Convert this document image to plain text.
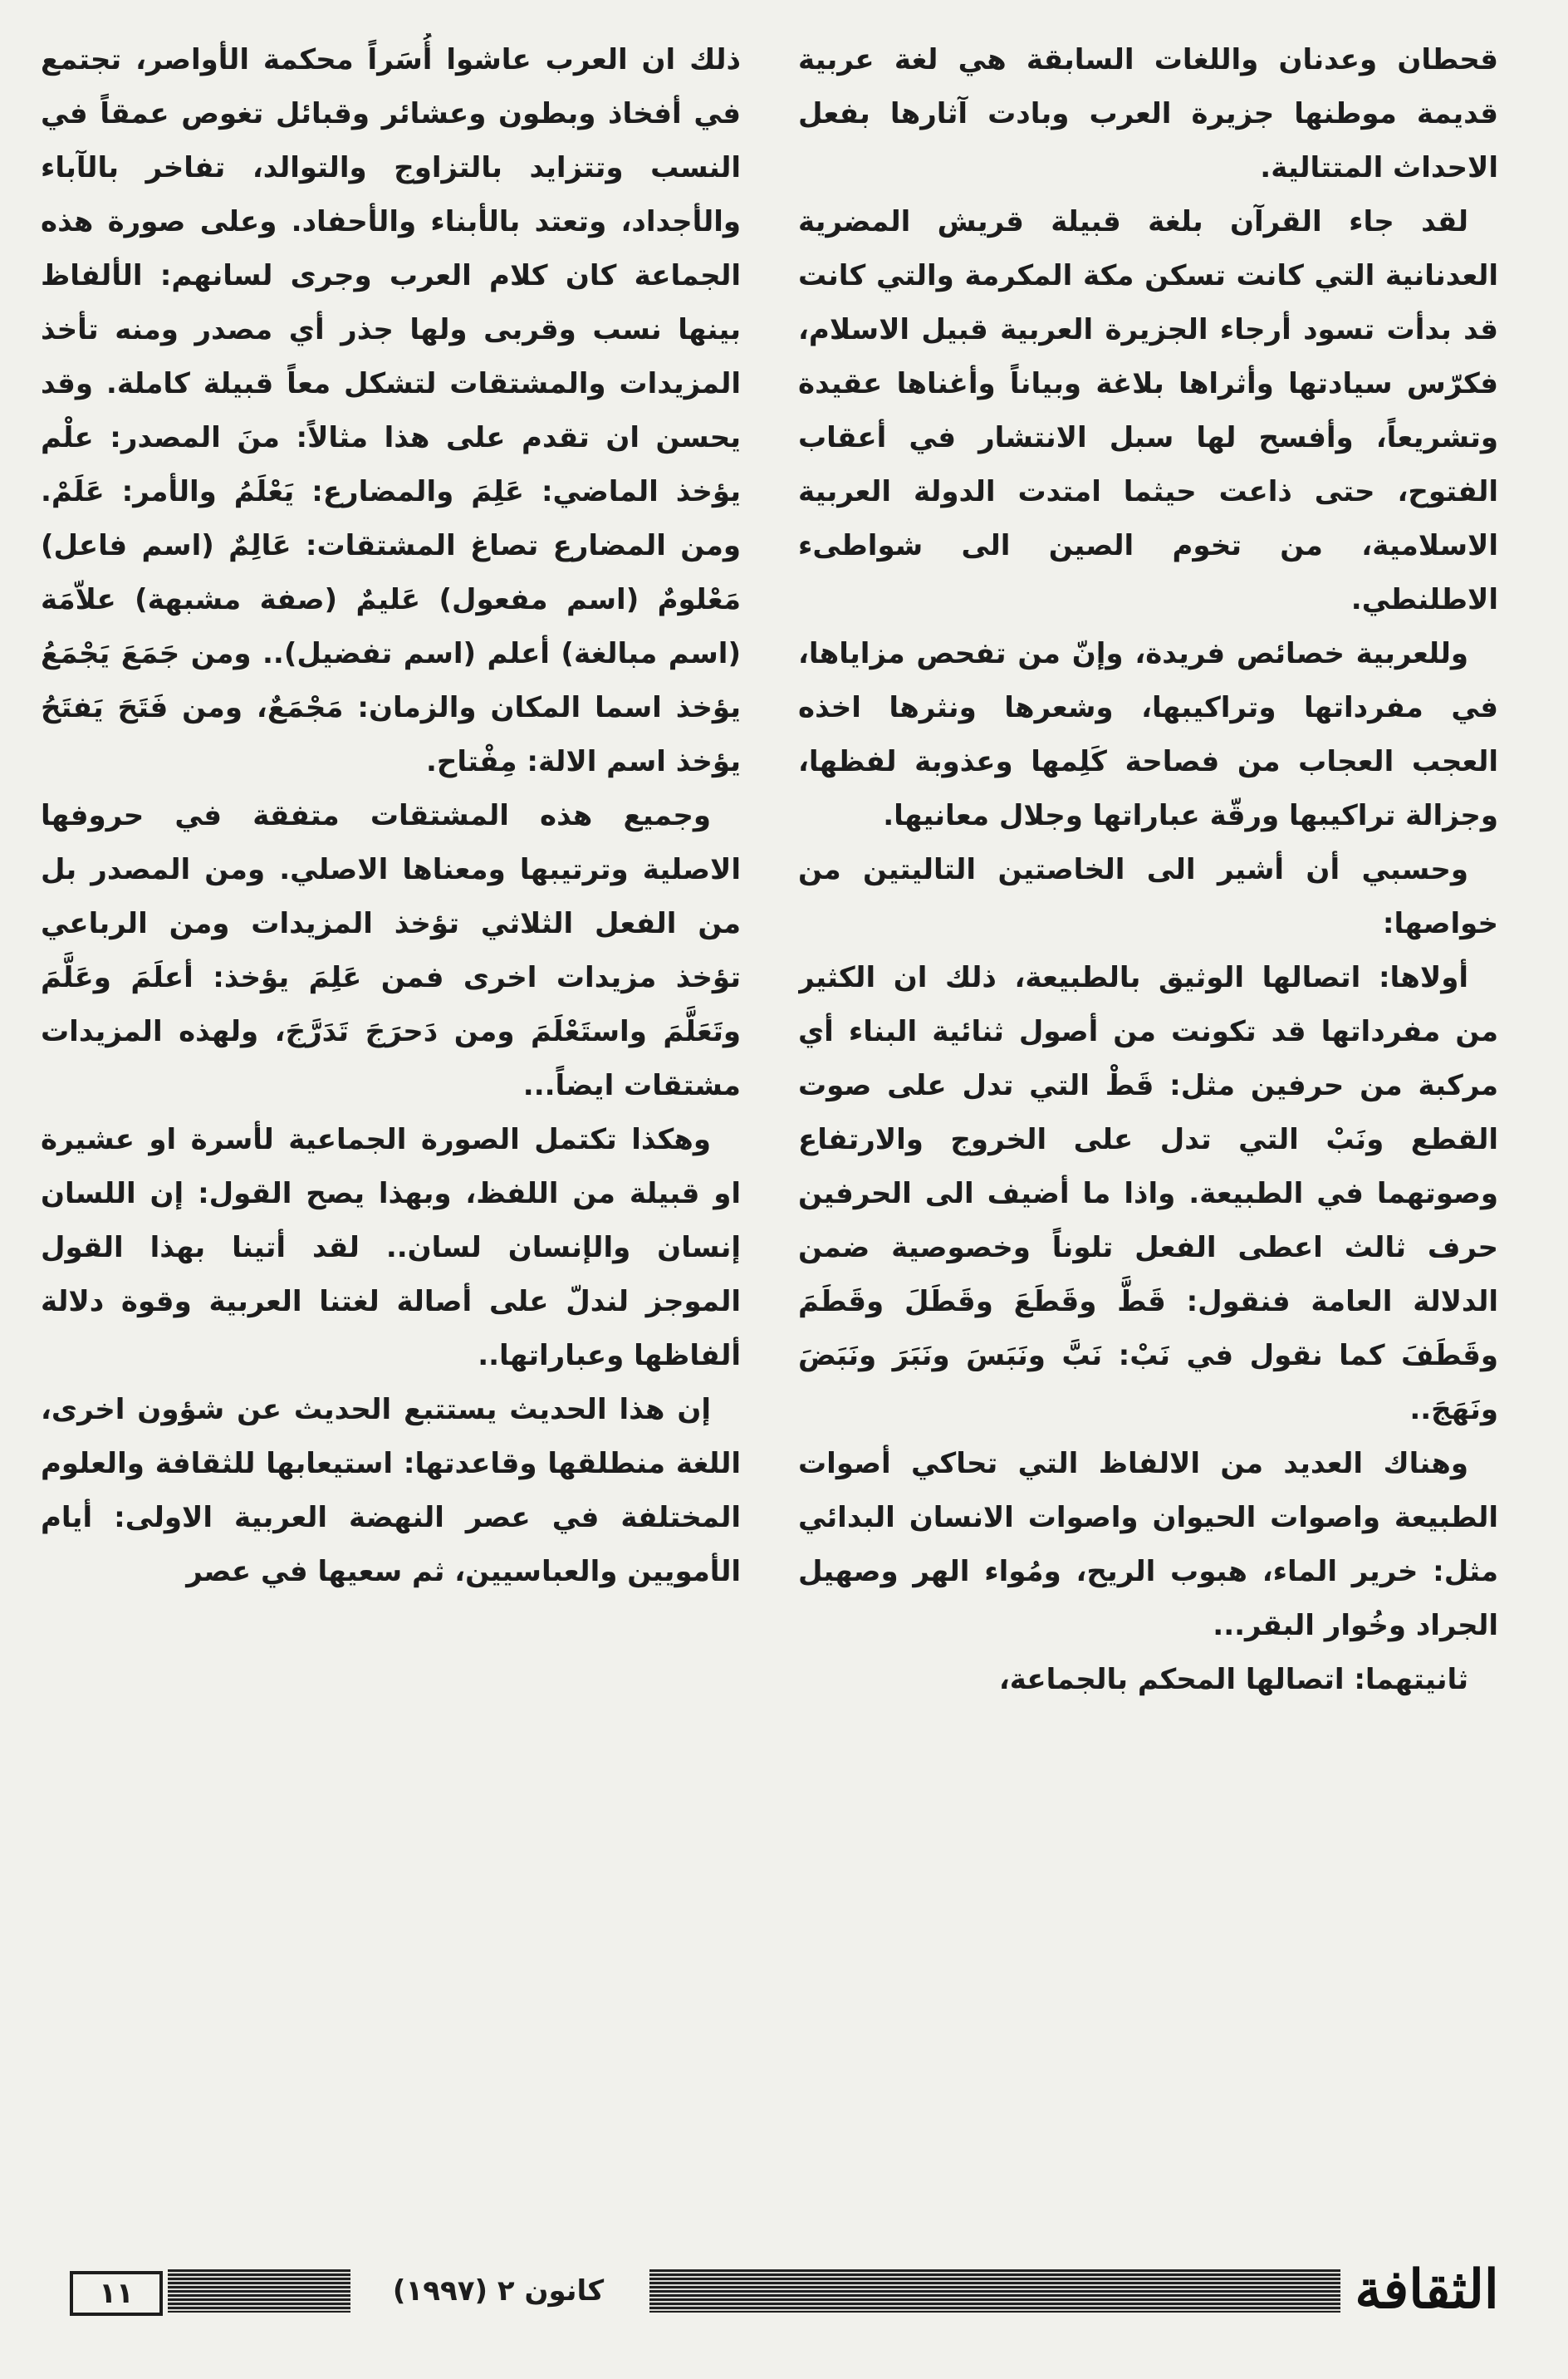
قحطان وعدنان واللغات السابقة هي لغة عربية قديمة موطنها جزيرة العرب وبادت آثارها بفعل الاحداث المتتالية.

لقد جاء القرآن بلغة قبيلة قريش المضرية العدنانية التي كانت تسكن مكة المكرمة والتي كانت قد بدأت تسود أرجاء الجزيرة العربية قبيل الاسلام، فكرّس سيادتها وأثراها بلاغة وبياناً وأغناها عقيدة وتشريعاً، وأفسح لها سبل الانتشار في أعقاب الفتوح، حتى ذاعت حيثما امتدت الدولة العربية الاسلامية، من تخوم الصين الى شواطىء الاطلنطي.

وللعربية خصائص فريدة، وإنّ من تفحص مزاياها، في مفرداتها وتراكيبها، وشعرها ونثرها اخذه العجب العجاب من فصاحة كَلِمها وعذوبة لفظها، وجزالة تراكيبها ورقّة عباراتها وجلال معانيها.

وحسبي أن أشير الى الخاصتين التاليتين من خواصها:

أولاها: اتصالها الوثيق بالطبيعة، ذلك ان الكثير من مفرداتها قد تكونت من أصول ثنائية البناء أي مركبة من حرفين مثل: قَطْ التي تدل على صوت القطع ونَبْ التي تدل على الخروج والارتفاع وصوتهما في الطبيعة. واذا ما أضيف الى الحرفين حرف ثالث اعطى الفعل تلوناً وخصوصية ضمن الدلالة العامة فنقول: قَطَّ وقَطَعَ وقَطَلَ وقَطَمَ وقَطَفَ كما نقول في نَبْ: نَبَّ ونَبَسَ ونَبَرَ ونَبَضَ ونَهَجَ..

وهناك العديد من الالفاظ التي تحاكي أصوات الطبيعة واصوات الحيوان واصوات الانسان البدائي مثل: خرير الماء، هبوب الريح، ومُواء الهر وصهيل الجراد وخُوار البقر...

ثانيتهما: اتصالها المحكم بالجماعة،

ذلك ان العرب عاشوا أُسَراً محكمة الأواصر، تجتمع في أفخاذ وبطون وعشائر وقبائل تغوص عمقاً في النسب وتتزايد بالتزاوج والتوالد، تفاخر بالآباء والأجداد، وتعتد بالأبناء والأحفاد. وعلى صورة هذه الجماعة كان كلام العرب وجرى لسانهم: الألفاظ بينها نسب وقربى ولها جذر أي مصدر ومنه تأخذ المزيدات والمشتقات لتشكل معاً قبيلة كاملة. وقد يحسن ان تقدم على هذا مثالاً: منَ المصدر: علْم يؤخذ الماضي: عَلِمَ والمضارع: يَعْلَمُ والأمر: عَلَمْ. ومن المضارع تصاغ المشتقات: عَالِمٌ (اسم فاعل) مَعْلومٌ (اسم مفعول) عَليمٌ (صفة مشبهة) علاّمَة (اسم مبالغة) أعلم (اسم تفضيل).. ومن جَمَعَ يَجْمَعُ يؤخذ اسما المكان والزمان: مَجْمَعٌ، ومن فَتَحَ يَفتَحُ يؤخذ اسم الالة: مِفْتاح.

وجميع هذه المشتقات متفقة في حروفها الاصلية وترتيبها ومعناها الاصلي. ومن المصدر بل من الفعل الثلاثي تؤخذ المزيدات ومن الرباعي تؤخذ مزيدات اخرى فمن عَلِمَ يؤخذ: أعلَمَ وعَلَّمَ وتَعَلَّمَ واستَعْلَمَ ومن دَحرَجَ تَدَرَّجَ، ولهذه المزيدات مشتقات ايضاً...

وهكذا تكتمل الصورة الجماعية لأسرة او عشيرة او قبيلة من اللفظ، وبهذا يصح القول: إن اللسان إنسان والإنسان لسان.. لقد أتينا بهذا القول الموجز لندلّ على أصالة لغتنا العربية وقوة دلالة ألفاظها وعباراتها..

إن هذا الحديث يستتبع الحديث عن شؤون اخرى، اللغة منطلقها وقاعدتها: استيعابها للثقافة والعلوم المختلفة في عصر النهضة العربية الاولى: أيام الأمويين والعباسيين، ثم سعيها في عصر

١١	كانون ٢ (١٩٩٧)	الثقافة
